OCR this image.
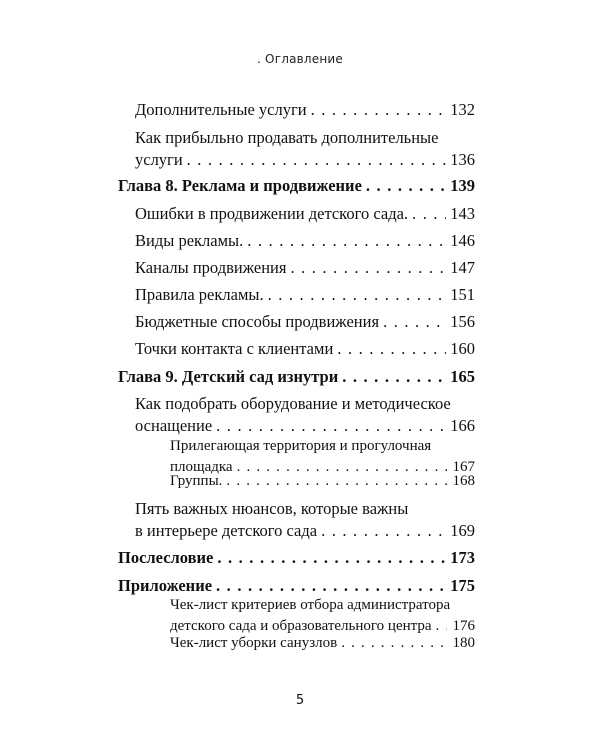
. Оглавление
Дополнительные услуги . . .	132
Как прибыльно продавать дополнительные
услуги . . .	136
Глава 8. Реклама и продвижение . . .	139
Ошибки в продвижении детского сада. . . .	143
Виды рекламы. . . .	146
Каналы продвижения . . .	147
Правила рекламы. . . .	151
Бюджетные способы продвижения . . .	156
Точки контакта с клиентами . . .	160
Глава 9. Детский сад изнутри . . .	165
Как подобрать оборудование и методическое
оснащение . . .	166
Прилегающая территория и прогулочная
площадка . . .	167
Группы. . . .	168
Пять важных нюансов, которые важны
в интерьере детского сада . . .	169
Послесловие . . .	173
Приложение . . .	175
Чек-лист критериев отбора администратора
детского сада и образовательного центра . . . 176
Чек-лист уборки санузлов . . .	180
5
